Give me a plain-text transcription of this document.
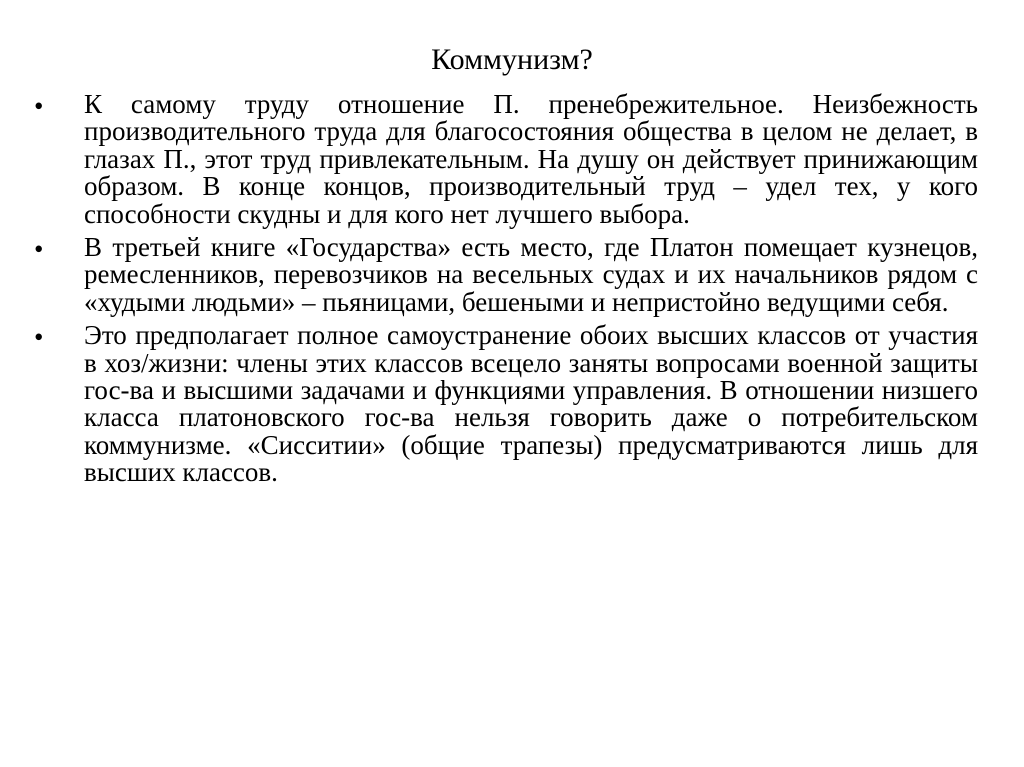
Коммунизм?
• К самому труду отношение П. пренебрежительное. Неизбежность производительного труда для благосостояния общества в целом не делает, в глазах П., этот труд привлекательным. На душу он действует принижающим образом. В конце концов, производительный труд – удел тех, у кого способности скудны и для кого нет лучшего выбора.

• В третьей книге «Государства» есть место, где Платон помещает кузнецов, ремесленников, перевозчиков на весельных судах и их начальников рядом с «худыми людьми» – пьяницами, бешеными и непристойно ведущими себя.

• Это предполагает полное самоустранение обоих высших классов от участия в хоз/жизни: члены этих классов всецело заняты вопросами военной защиты гос-ва и высшими задачами и функциями управления. В отношении низшего класса платоновского гос-ва нельзя говорить даже о потребительском коммунизме. «Сисситии» (общие трапезы) предусматриваются лишь для высших классов.
